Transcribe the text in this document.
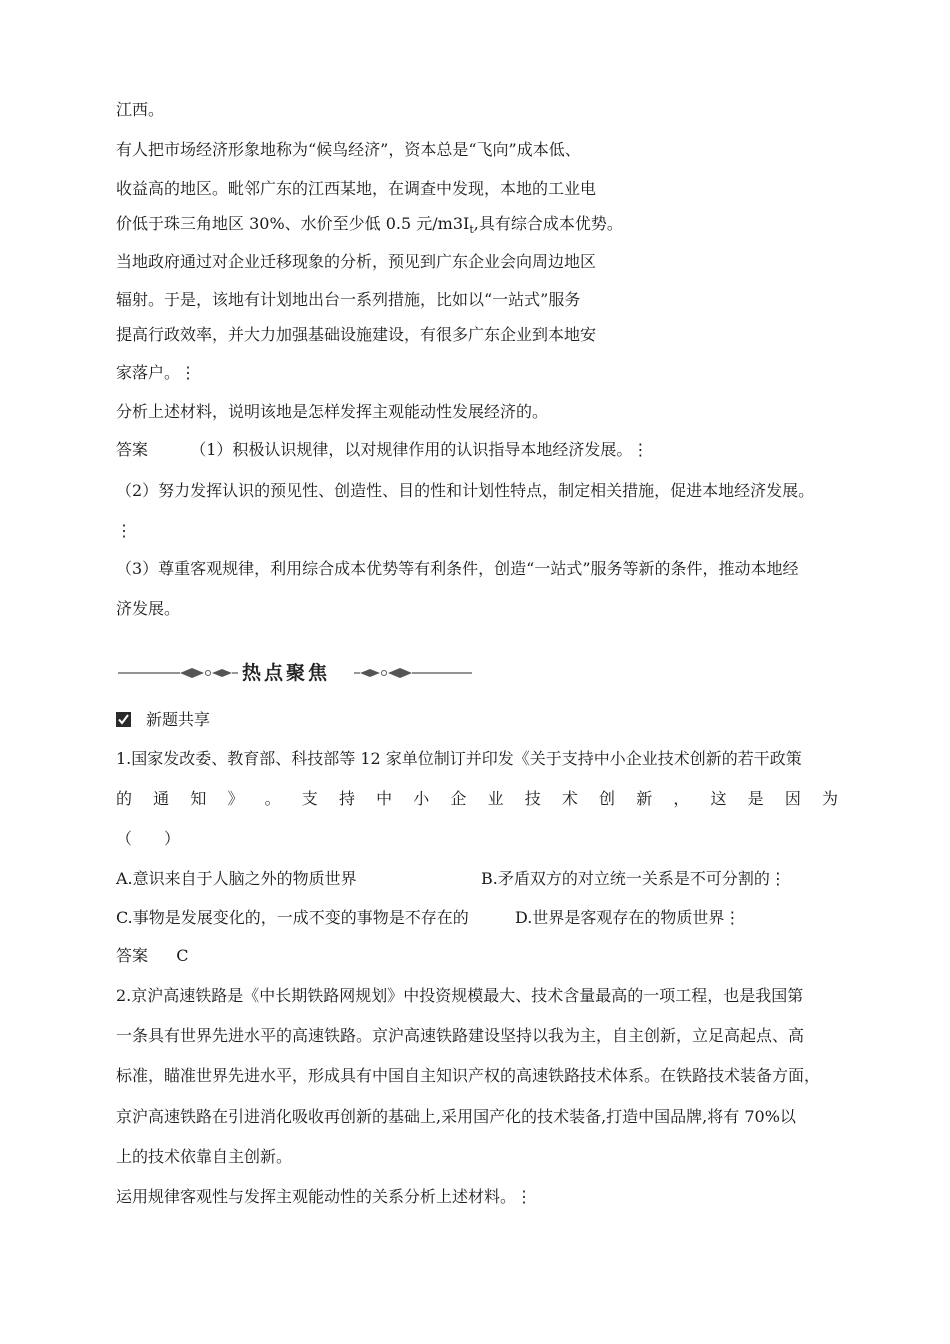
江西。
有人把市场经济形象地称为“候鸟经济”，资本总是“飞向”成本低、
收益高的地区。毗邻广东的江西某地，在调查中发现，本地的工业电
价低于珠三角地区 30%、水价至少低 0.5 元$/m3I_t$,具有综合成本优势。
当地政府通过对企业迁移现象的分析，预见到广东企业会向周边地区
辐射。于是，该地有计划地出台一系列措施，比如以“一站式”服务
提高行政效率，并大力加强基础设施建设，有很多广东企业到本地安
家落户。⋮
分析上述材料，说明该地是怎样发挥主观能动性发展经济的。
答案	（1）积极认识规律，以对规律作用的认识指导本地经济发展。⋮
（2）努力发挥认识的预见性、创造性、目的性和计划性特点，制定相关措施，促进本地经济发展。
⋮
（3）尊重客观规律，利用综合成本优势等有利条件，创造“一站式”服务等新的条件，推动本地经
济发展。
热点聚焦
新题共享
1.国家发改委、教育部、科技部等 12 家单位制订并印发《关于支持中小企业技术创新的若干政策
的 通 知 》 。 支 持 中 小 企 业 技 术 创 新 ， 这 是 因 为
（　　）
A.意识来自于人脑之外的物质世界	B.矛盾双方的对立统一关系是不可分割的⋮
C.事物是发展变化的，一成不变的事物是不存在的	D.世界是客观存在的物质世界⋮
答案 C
2.京沪高速铁路是《中长期铁路网规划》中投资规模最大、技术含量最高的一项工程，也是我国第
一条具有世界先进水平的高速铁路。京沪高速铁路建设坚持以我为主，自主创新，立足高起点、高
标准，瞄准世界先进水平，形成具有中国自主知识产权的高速铁路技术体系。在铁路技术装备方面，
京沪高速铁路在引进消化吸收再创新的基础上,采用国产化的技术装备,打造中国品牌,将有 70%以
上的技术依靠自主创新。
运用规律客观性与发挥主观能动性的关系分析上述材料。⋮
